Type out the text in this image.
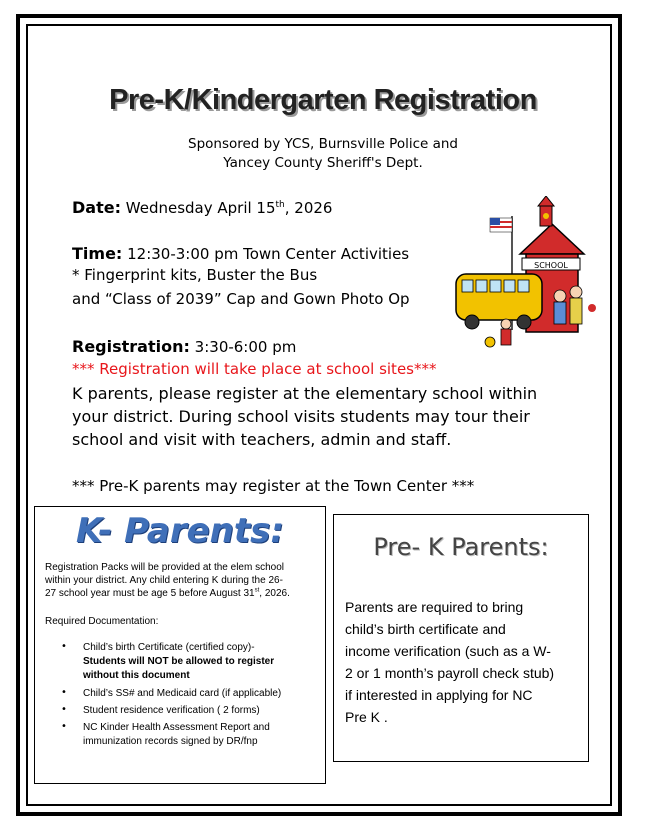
Pre-K/Kindergarten Registration
Sponsored by YCS, Burnsville Police and
Yancey County Sheriff's Dept.
Date: Wednesday April 15th, 2026
Time: 12:30-3:00 pm Town Center Activities
* Fingerprint kits, Buster the Bus
and “Class of 2039” Cap and Gown Photo Op
Registration: 3:30-6:00 pm
*** Registration will take place at school sites***
K parents, please register at the elementary school within
your district. During school visits students may tour their
school and visit with teachers, admin and staff.
*** Pre-K parents may register at the Town Center ***
SCHOOL
K- Parents:
Registration Packs will be provided at the elem school
within your district. Any child entering K during the 26-
27 school year must be age 5 before August 31st, 2026.
Required Documentation:
• Child’s birth Certificate (certified copy)-
Students will NOT be allowed to register
without this document
• Child’s SS# and Medicaid card (if applicable)
• Student residence verification ( 2 forms)
• NC Kinder Health Assessment Report and
immunization records signed by DR/fnp
Pre- K Parents:
Parents are required to bring
child’s birth certificate and
income verification (such as a W-
2 or 1 month’s payroll check stub)
if interested in applying for NC
Pre K .
